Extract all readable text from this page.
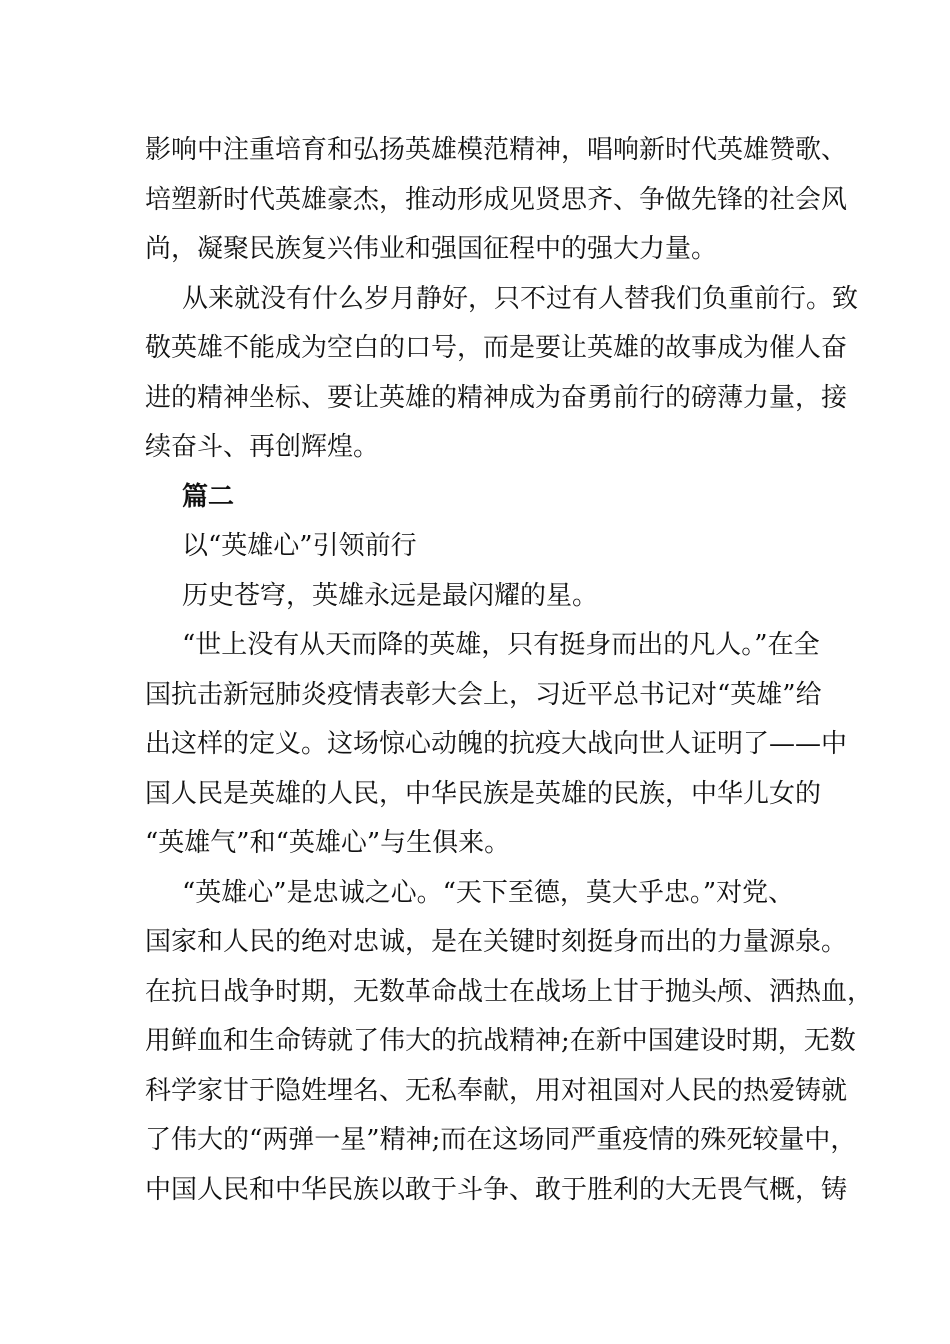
影响中注重培育和弘扬英雄模范精神，唱响新时代英雄赞歌、
培塑新时代英雄豪杰，推动形成见贤思齐、争做先锋的社会风
尚，凝聚民族复兴伟业和强国征程中的强大力量。

从来就没有什么岁月静好，只不过有人替我们负重前行。致
敬英雄不能成为空白的口号，而是要让英雄的故事成为催人奋
进的精神坐标、要让英雄的精神成为奋勇前行的磅薄力量，接
续奋斗、再创辉煌。

篇二

以“英雄心”引领前行

历史苍穹，英雄永远是最闪耀的星。

“世上没有从天而降的英雄，只有挺身而出的凡人。”在全
国抗击新冠肺炎疫情表彰大会上，习近平总书记对“英雄”给
出这样的定义。这场惊心动魄的抗疫大战向世人证明了——中
国人民是英雄的人民，中华民族是英雄的民族，中华儿女的
“英雄气”和“英雄心”与生俱来。

“英雄心”是忠诚之心。“天下至德，莫大乎忠。”对党、
国家和人民的绝对忠诚，是在关键时刻挺身而出的力量源泉。
在抗日战争时期，无数革命战士在战场上甘于抛头颅、洒热血，
用鲜血和生命铸就了伟大的抗战精神;在新中国建设时期，无数
科学家甘于隐姓埋名、无私奉献，用对祖国对人民的热爱铸就
了伟大的“两弹一星”精神;而在这场同严重疫情的殊死较量中，
中国人民和中华民族以敢于斗争、敢于胜利的大无畏气概，铸
